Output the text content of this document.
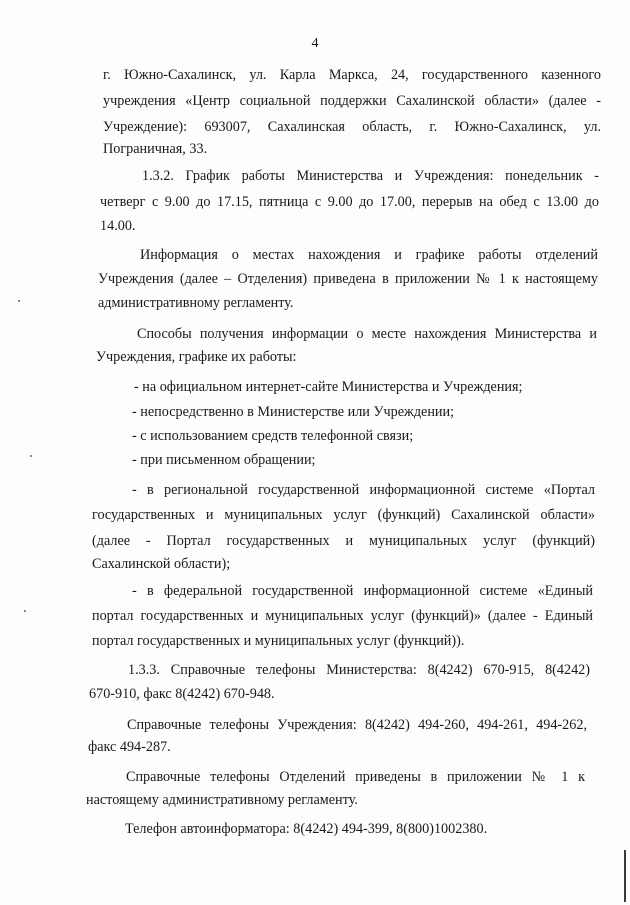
4
г. Южно-Сахалинск, ул. Карла Маркса, 24, государственного казенного
учреждения «Центр социальной поддержки Сахалинской области» (далее -
Учреждение): 693007, Сахалинская область, г. Южно-Сахалинск, ул.
Пограничная, 33.
1.3.2. График работы Министерства и Учреждения: понедельник -
четверг с 9.00 до 17.15, пятница с 9.00 до 17.00, перерыв на обед с 13.00 до
14.00.
Информация о местах нахождения и графике работы отделений
Учреждения (далее – Отделения) приведена в приложении № 1 к настоящему
административному регламенту.
Способы получения информации о месте нахождения Министерства и
Учреждения, графике их работы:
- на официальном интернет-сайте Министерства и Учреждения;
- непосредственно в Министерстве или Учреждении;
- с использованием средств телефонной связи;
- при письменном обращении;
- в региональной государственной информационной системе «Портал
государственных и муниципальных услуг (функций) Сахалинской области»
(далее - Портал государственных и муниципальных услуг (функций)
Сахалинской области);
- в федеральной государственной информационной системе «Единый
портал государственных и муниципальных услуг (функций)» (далее - Единый
портал государственных и муниципальных услуг (функций)).
1.3.3. Справочные телефоны Министерства: 8(4242) 670-915, 8(4242)
670-910, факс 8(4242) 670-948.
Справочные телефоны Учреждения: 8(4242) 494-260, 494-261, 494-262,
факс 494-287.
Справочные телефоны Отделений приведены в приложении № 1 к
настоящему административному регламенту.
Телефон автоинформатора: 8(4242) 494-399, 8(800)1002380.
